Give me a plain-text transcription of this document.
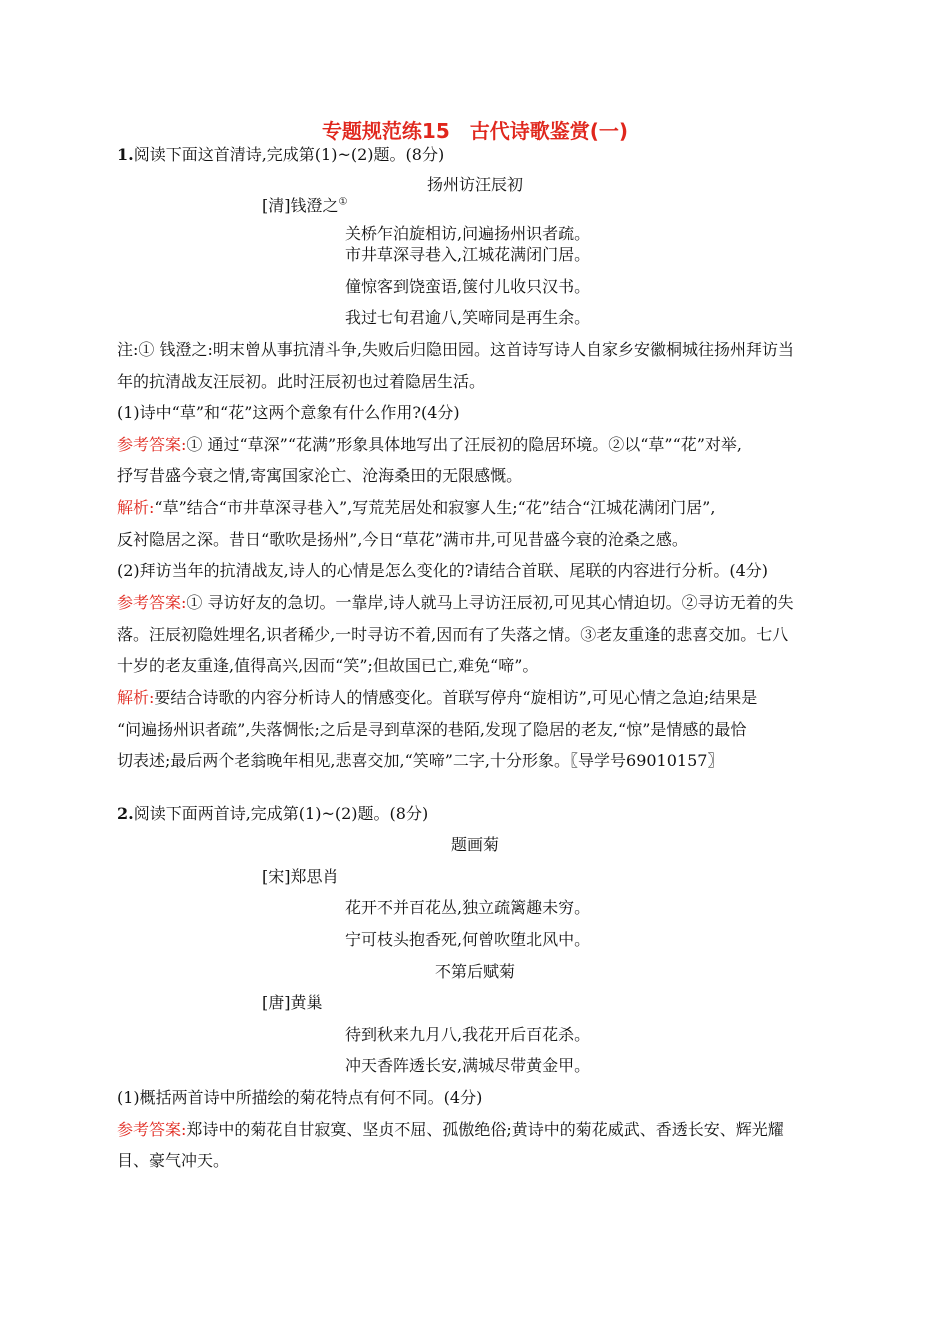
专题规范练15　古代诗歌鉴赏(一)
1.阅读下面这首清诗,完成第(1)~(2)题。(8分)
扬州访汪辰初
[清]钱澄之①
关桥乍泊旋相访,问遍扬州识者疏。
市井草深寻巷入,江城花满闭门居。
僮惊客到饶蛮语,箧付儿收只汉书。
我过七旬君逾八,笑啼同是再生余。
注:① 钱澄之:明末曾从事抗清斗争,失败后归隐田园。这首诗写诗人自家乡安徽桐城往扬州拜访当
年的抗清战友汪辰初。此时汪辰初也过着隐居生活。
(1)诗中“草”和“花”这两个意象有什么作用?(4分)
参考答案:① 通过“草深”“花满”形象具体地写出了汪辰初的隐居环境。②以“草”“花”对举,
抒写昔盛今衰之情,寄寓国家沦亡、沧海桑田的无限感慨。
解析:“草”结合“市井草深寻巷入”,写荒芜居处和寂寥人生;“花”结合“江城花满闭门居”,
反衬隐居之深。昔日“歌吹是扬州”,今日“草花”满市井,可见昔盛今衰的沧桑之感。
(2)拜访当年的抗清战友,诗人的心情是怎么变化的?请结合首联、尾联的内容进行分析。(4分)
参考答案:① 寻访好友的急切。一靠岸,诗人就马上寻访汪辰初,可见其心情迫切。②寻访无着的失
落。汪辰初隐姓埋名,识者稀少,一时寻访不着,因而有了失落之情。③老友重逢的悲喜交加。七八
十岁的老友重逢,值得高兴,因而“笑”;但故国已亡,难免“啼”。
解析:要结合诗歌的内容分析诗人的情感变化。首联写停舟“旋相访”,可见心情之急迫;结果是
“问遍扬州识者疏”,失落惆怅;之后是寻到草深的巷陌,发现了隐居的老友,“惊”是情感的最恰
切表述;最后两个老翁晚年相见,悲喜交加,“笑啼”二字,十分形象。〖导学号69010157〗
2.阅读下面两首诗,完成第(1)~(2)题。(8分)
题画菊
[宋]郑思肖
花开不并百花丛,独立疏篱趣未穷。
宁可枝头抱香死,何曾吹堕北风中。
不第后赋菊
[唐]黄巢
待到秋来九月八,我花开后百花杀。
冲天香阵透长安,满城尽带黄金甲。
(1)概括两首诗中所描绘的菊花特点有何不同。(4分)
参考答案:郑诗中的菊花自甘寂寞、坚贞不屈、孤傲绝俗;黄诗中的菊花威武、香透长安、辉光耀
目、豪气冲天。
